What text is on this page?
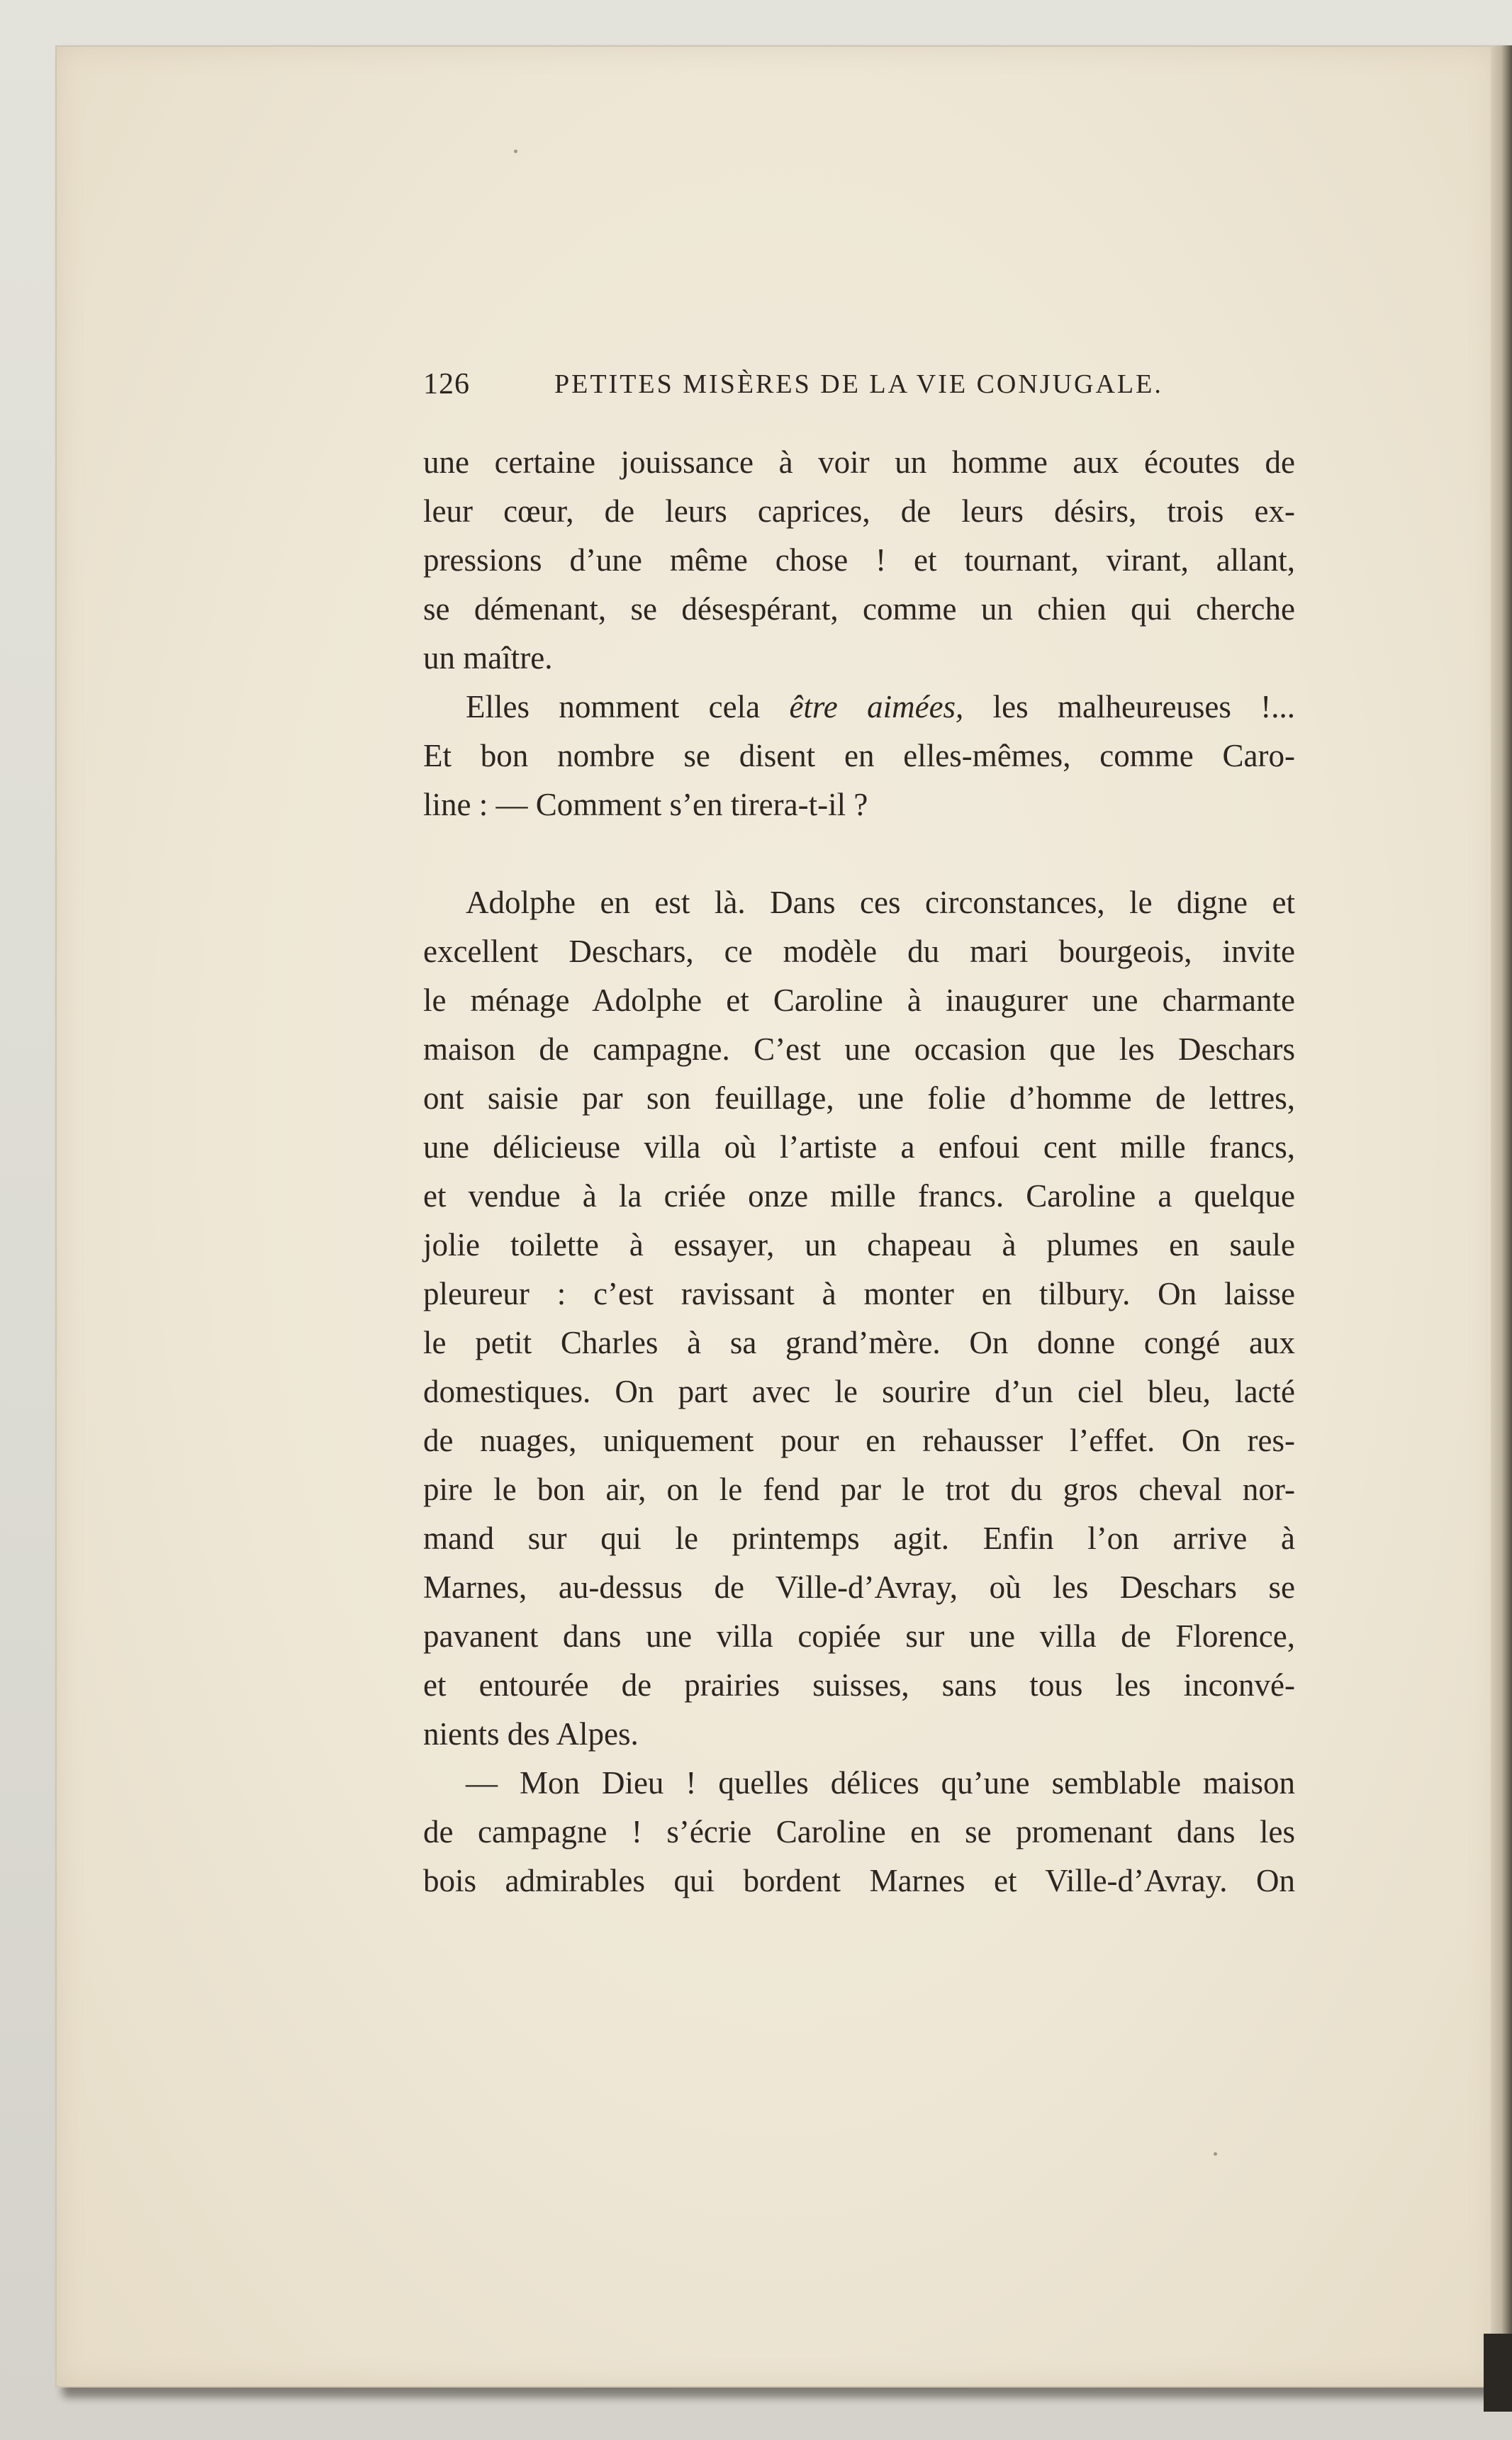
126	PETITES MISÈRES DE LA VIE CONJUGALE.
une certaine jouissance à voir un homme aux écoutes de
leur cœur, de leurs caprices, de leurs désirs, trois ex-
pressions d’une même chose ! et tournant, virant, allant,
se démenant, se désespérant, comme un chien qui cherche
un maître.
Elles nomment cela être aimées, les malheureuses !...
Et bon nombre se disent en elles-mêmes, comme Caro-
line : — Comment s’en tirera-t-il ?
Adolphe en est là. Dans ces circonstances, le digne et
excellent Deschars, ce modèle du mari bourgeois, invite
le ménage Adolphe et Caroline à inaugurer une charmante
maison de campagne. C’est une occasion que les Deschars
ont saisie par son feuillage, une folie d’homme de lettres,
une délicieuse villa où l’artiste a enfoui cent mille francs,
et vendue à la criée onze mille francs. Caroline a quelque
jolie toilette à essayer, un chapeau à plumes en saule
pleureur : c’est ravissant à monter en tilbury. On laisse
le petit Charles à sa grand’mère. On donne congé aux
domestiques. On part avec le sourire d’un ciel bleu, lacté
de nuages, uniquement pour en rehausser l’effet. On res-
pire le bon air, on le fend par le trot du gros cheval nor-
mand sur qui le printemps agit. Enfin l’on arrive à
Marnes, au-dessus de Ville-d’Avray, où les Deschars se
pavanent dans une villa copiée sur une villa de Florence,
et entourée de prairies suisses, sans tous les inconvé-
nients des Alpes.
— Mon Dieu ! quelles délices qu’une semblable maison
de campagne ! s’écrie Caroline en se promenant dans les
bois admirables qui bordent Marnes et Ville-d’Avray. On
